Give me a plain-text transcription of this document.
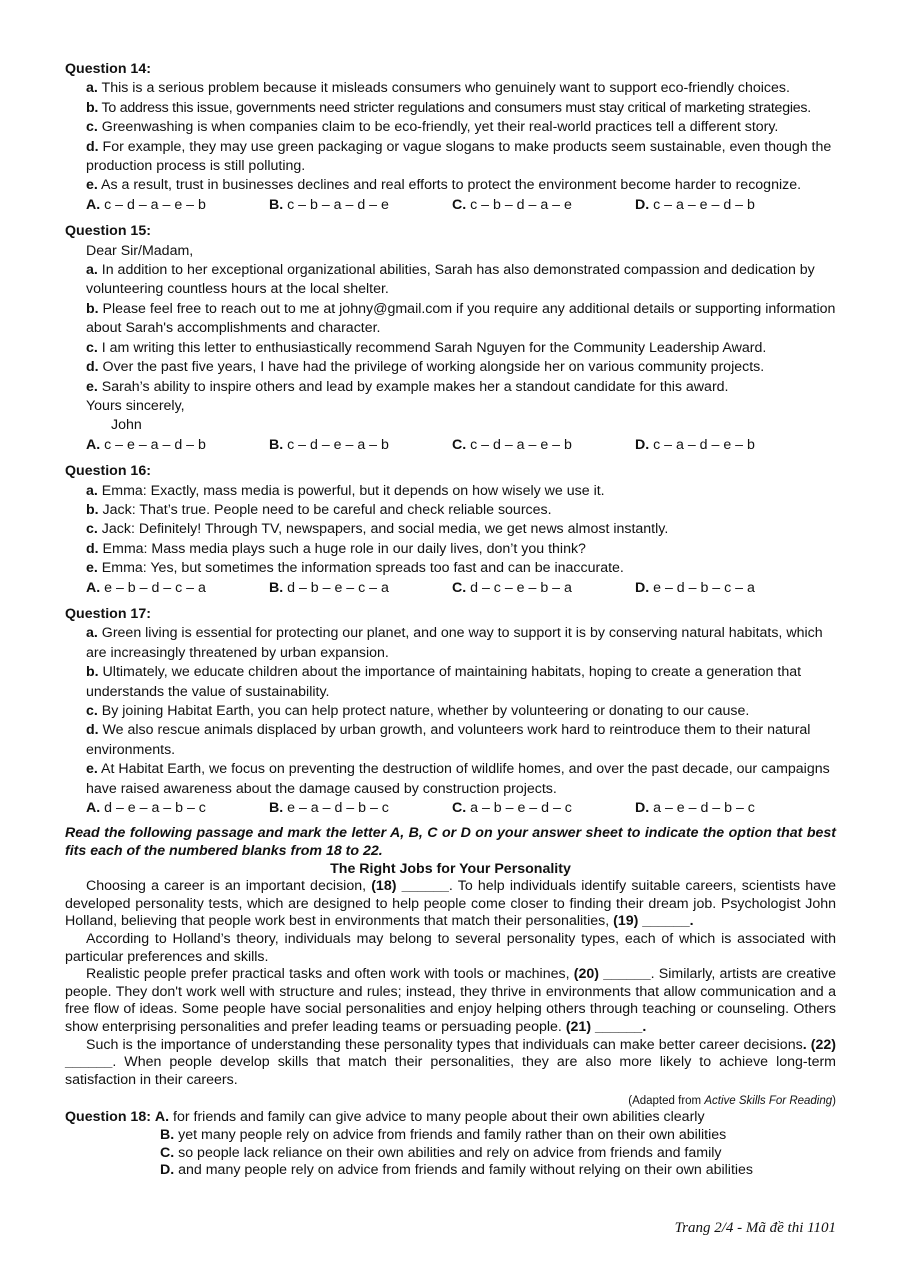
Question 14:

a. This is a serious problem because it misleads consumers who genuinely want to support eco-friendly choices.
b. To address this issue, governments need stricter regulations and consumers must stay critical of marketing strategies.
c. Greenwashing is when companies claim to be eco-friendly, yet their real-world practices tell a different story.
d. For example, they may use green packaging or vague slogans to make products seem sustainable, even though the production process is still polluting.
e. As a result, trust in businesses declines and real efforts to protect the environment become harder to recognize.
A. c – d – a – e – b	B. c – b – a – d – e	C. c – b – d – a – e	D. c – a – e – d – b

Question 15:

Dear Sir/Madam,
a. In addition to her exceptional organizational abilities, Sarah has also demonstrated compassion and dedication by volunteering countless hours at the local shelter.
b. Please feel free to reach out to me at johny@gmail.com if you require any additional details or supporting information about Sarah's accomplishments and character.
c. I am writing this letter to enthusiastically recommend Sarah Nguyen for the Community Leadership Award.
d. Over the past five years, I have had the privilege of working alongside her on various community projects.
e. Sarah’s ability to inspire others and lead by example makes her a standout candidate for this award.
Yours sincerely,
John
A. c – e – a – d – b	B. c – d – e – a – b	C. c – d – a – e – b	D. c – a – d – e – b

Question 16:

a. Emma: Exactly, mass media is powerful, but it depends on how wisely we use it.
b. Jack: That’s true. People need to be careful and check reliable sources.
c. Jack: Definitely! Through TV, newspapers, and social media, we get news almost instantly.
d. Emma: Mass media plays such a huge role in our daily lives, don’t you think?
e. Emma: Yes, but sometimes the information spreads too fast and can be inaccurate.
A. e – b – d – c – a	B. d – b – e – c – a	C. d – c – e – b – a	D. e – d – b – c – a

Question 17:

a. Green living is essential for protecting our planet, and one way to support it is by conserving natural habitats, which are increasingly threatened by urban expansion.
b. Ultimately, we educate children about the importance of maintaining habitats, hoping to create a generation that understands the value of sustainability.
c. By joining Habitat Earth, you can help protect nature, whether by volunteering or donating to our cause.
d. We also rescue animals displaced by urban growth, and volunteers work hard to reintroduce them to their natural environments.
e. At Habitat Earth, we focus on preventing the destruction of wildlife homes, and over the past decade, our campaigns have raised awareness about the damage caused by construction projects.
A. d – e – a – b – c	B. e – a – d – b – c	C. a – b – e – d – c	D. a – e – d – b – c
Read the following passage and mark the letter A, B, C or D on your answer sheet to indicate the option that best fits each of the numbered blanks from 18 to 22.
The Right Jobs for Your Personality

Choosing a career is an important decision, (18) ______. To help individuals identify suitable careers, scientists have developed personality tests, which are designed to help people come closer to finding their dream job. Psychologist John Holland, believing that people work best in environments that match their personalities, (19) ______.

According to Holland’s theory, individuals may belong to several personality types, each of which is associated with particular preferences and skills.

Realistic people prefer practical tasks and often work with tools or machines, (20) ______. Similarly, artists are creative people. They don't work well with structure and rules; instead, they thrive in environments that allow communication and a free flow of ideas. Some people have social personalities and enjoy helping others through teaching or counseling. Others show enterprising personalities and prefer leading teams or persuading people. (21) ______.

Such is the importance of understanding these personality types that individuals can make better career decisions. (22) ______. When people develop skills that match their personalities, they are also more likely to achieve long-term satisfaction in their careers.

(Adapted from Active Skills For Reading)
Question 18: A. for friends and family can give advice to many people about their own abilities clearly
B. yet many people rely on advice from friends and family rather than on their own abilities
C. so people lack reliance on their own abilities and rely on advice from friends and family
D. and many people rely on advice from friends and family without relying on their own abilities
Trang 2/4 - Mã đề thi 1101
